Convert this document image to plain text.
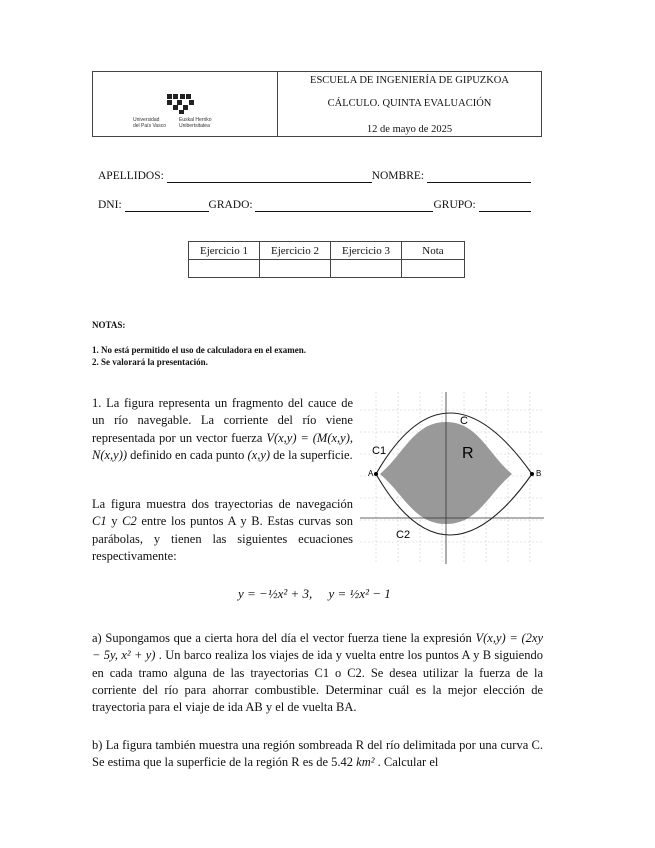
Universidad
del País Vasco
Euskal Herriko
Unibertsitatea
ESCUELA DE INGENIERÍA DE GIPUZKOA
CÁLCULO. QUINTA EVALUACIÓN
12 de mayo de 2025
APELLIDOS:	NOMBRE:
DNI:	GRADO:	GRUPO:
Ejercicio 1	Ejercicio 2	Ejercicio 3	Nota

NOTAS:
1. No está permitido el uso de calculadora en el examen.
2. Se valorará la presentación.
1. La figura representa un fragmento del cauce de un río navegable. La corriente del río viene representada por un vector fuerza V(x,y) = (M(x,y), N(x,y)) definido en cada punto (x,y) de la superficie.
La figura muestra dos trayectorias de navegación C1 y C2 entre los puntos A y B. Estas curvas son parábolas, y tienen las siguientes ecuaciones respectivamente:
C
R
C1
C2
A	B
y = −½x² + 3, y = ½x² − 1
a) Supongamos que a cierta hora del día el vector fuerza tiene la expresión V(x,y) = (2xy − 5y, x² + y) . Un barco realiza los viajes de ida y vuelta entre los puntos A y B siguiendo en cada tramo alguna de las trayectorias C1 o C2. Se desea utilizar la fuerza de la corriente del río para ahorrar combustible. Determinar cuál es la mejor elección de trayectoria para el viaje de ida AB y el de vuelta BA.
b) La figura también muestra una región sombreada R del río delimitada por una curva C. Se estima que la superficie de la región R es de 5.42 km² . Calcular el
